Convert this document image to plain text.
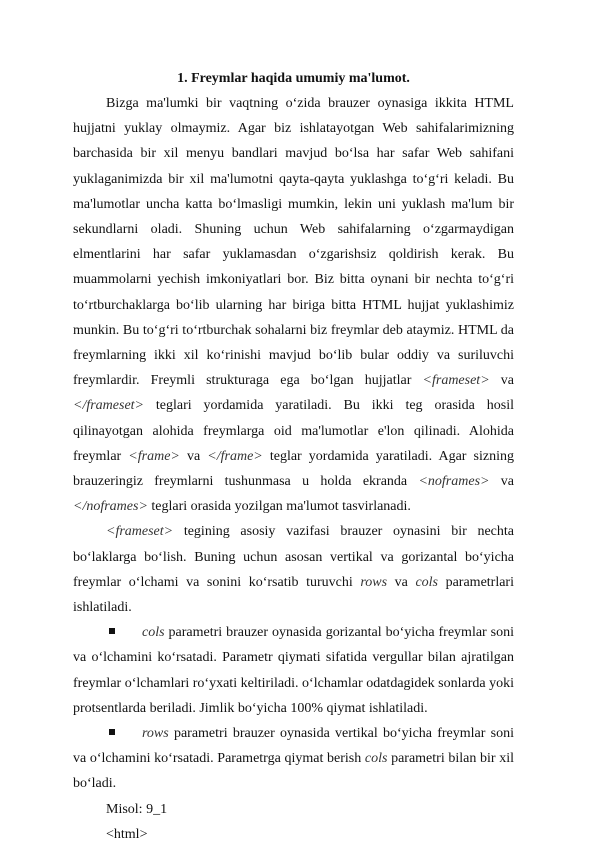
1. Freymlar haqida umumiy ma'lumot.

Bizga ma'lumki bir vaqtning o‘zida brauzer oynasiga ikkita HTML hujjatni yuklay olmaymiz. Agar biz ishlatayotgan Web sahifalarimizning barchasida bir xil menyu bandlari mavjud bo‘lsa har safar Web sahifani yuklaganimizda bir xil ma'lumotni qayta-qayta yuklashga to‘g‘ri keladi. Bu ma'lumotlar uncha katta bo‘lmasligi mumkin, lekin uni yuklash ma'lum bir sekundlarni oladi. Shuning uchun Web sahifalarning o‘zgarmaydigan elmentlarini har safar yuklamasdan o‘zgarishsiz qoldirish kerak. Bu muammolarni yechish imkoniyatlari bor. Biz bitta oynani bir nechta to‘g‘ri to‘rtburchaklarga bo‘lib ularning har biriga bitta HTML hujjat yuklashimiz munkin. Bu to‘g‘ri to‘rtburchak sohalarni biz freymlar deb ataymiz. HTML da freymlarning ikki xil ko‘rinishi mavjud bo‘lib bular oddiy va suriluvchi freymlardir. Freymli strukturaga ega bo‘lgan hujjatlar <frameset> va </frameset> teglari yordamida yaratiladi. Bu ikki teg orasida hosil qilinayotgan alohida freymlarga oid ma'lumotlar e'lon qilinadi. Alohida freymlar <frame> va </frame> teglar yordamida yaratiladi. Agar sizning brauzeringiz freymlarni tushunmasa u holda ekranda <noframes> va </noframes> teglari orasida yozilgan ma'lumot tasvirlanadi.

<frameset> tegining asosiy vazifasi brauzer oynasini bir nechta bo‘laklarga bo‘lish. Buning uchun asosan vertikal va gorizantal bo‘yicha freymlar o‘lchami va sonini ko‘rsatib turuvchi rows va cols parametrlari ishlatiladi.

cols parametri brauzer oynasida gorizantal bo‘yicha freymlar soni va o‘lchamini ko‘rsatadi. Parametr qiymati sifatida vergullar bilan ajratilgan freymlar o‘lchamlari ro‘yxati keltiriladi. o‘lchamlar odatdagidek sonlarda yoki protsentlarda beriladi. Jimlik bo‘yicha 100% qiymat ishlatiladi.

rows parametri brauzer oynasida vertikal bo‘yicha freymlar soni va o‘lchamini ko‘rsatadi. Parametrga qiymat berish cols parametri bilan bir xil bo‘ladi.

Misol: 9_1

<html>
